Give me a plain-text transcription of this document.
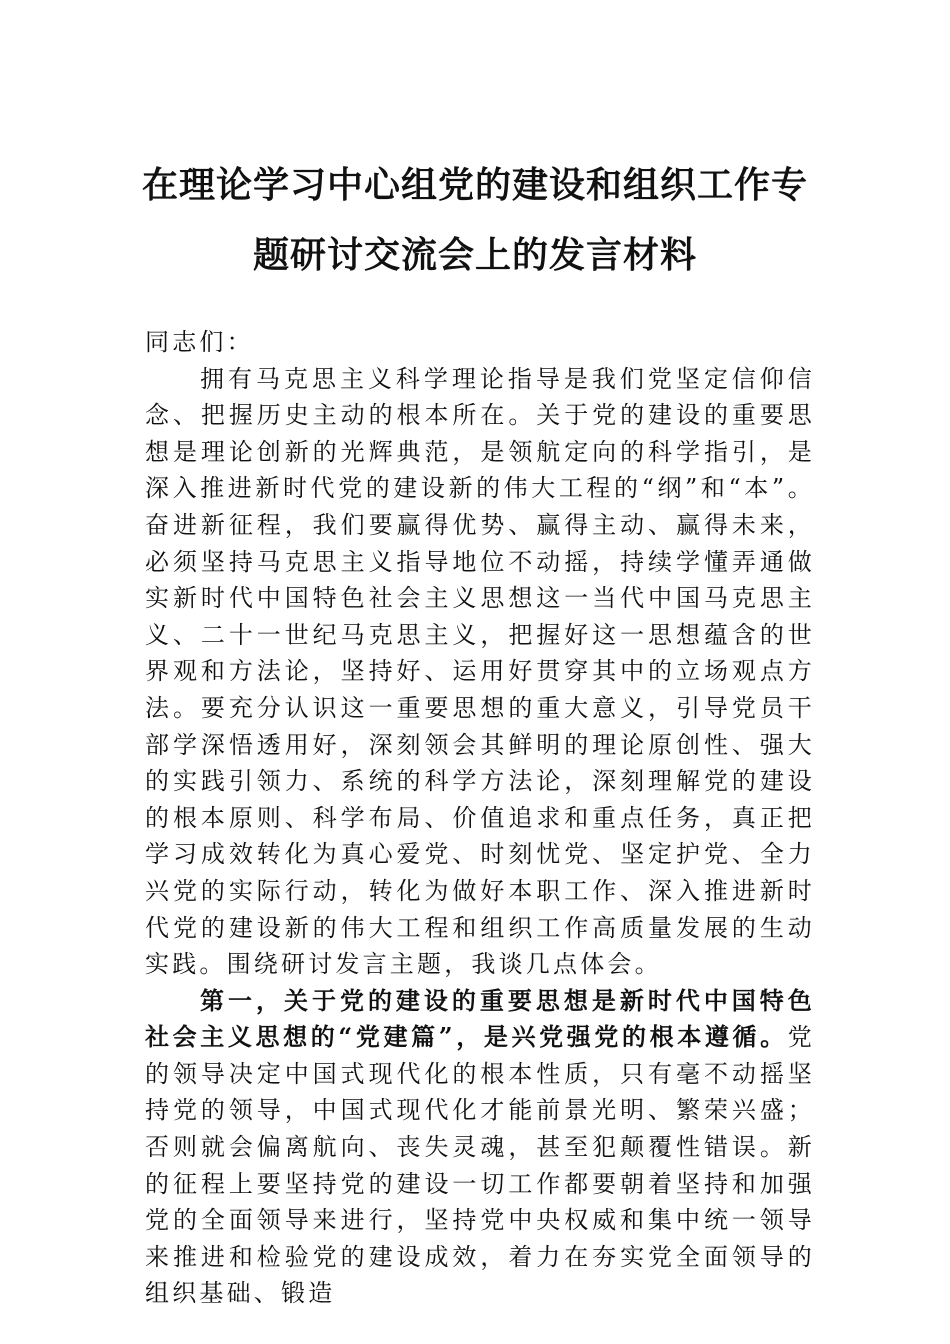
在理论学习中心组党的建设和组织工作专
题研讨交流会上的发言材料

同志们：

拥有马克思主义科学理论指导是我们党坚定信仰信念、把握历史主动的根本所在。关于党的建设的重要思想是理论创新的光辉典范，是领航定向的科学指引，是深入推进新时代党的建设新的伟大工程的“纲”和“本”。奋进新征程，我们要赢得优势、赢得主动、赢得未来，必须坚持马克思主义指导地位不动摇，持续学懂弄通做实新时代中国特色社会主义思想这一当代中国马克思主义、二十一世纪马克思主义，把握好这一思想蕴含的世界观和方法论，坚持好、运用好贯穿其中的立场观点方法。要充分认识这一重要思想的重大意义，引导党员干部学深悟透用好，深刻领会其鲜明的理论原创性、强大的实践引领力、系统的科学方法论，深刻理解党的建设的根本原则、科学布局、价值追求和重点任务，真正把学习成效转化为真心爱党、时刻忧党、坚定护党、全力兴党的实际行动，转化为做好本职工作、深入推进新时代党的建设新的伟大工程和组织工作高质量发展的生动实践。围绕研讨发言主题，我谈几点体会。

第一，关于党的建设的重要思想是新时代中国特色社会主义思想的“党建篇”，是兴党强党的根本遵循。党的领导决定中国式现代化的根本性质，只有毫不动摇坚持党的领导，中国式现代化才能前景光明、繁荣兴盛；否则就会偏离航向、丧失灵魂，甚至犯颠覆性错误。新的征程上要坚持党的建设一切工作都要朝着坚持和加强党的全面领导来进行，坚持党中央权威和集中统一领导来推进和检验党的建设成效，着力在夯实党全面领导的组织基础、锻造
